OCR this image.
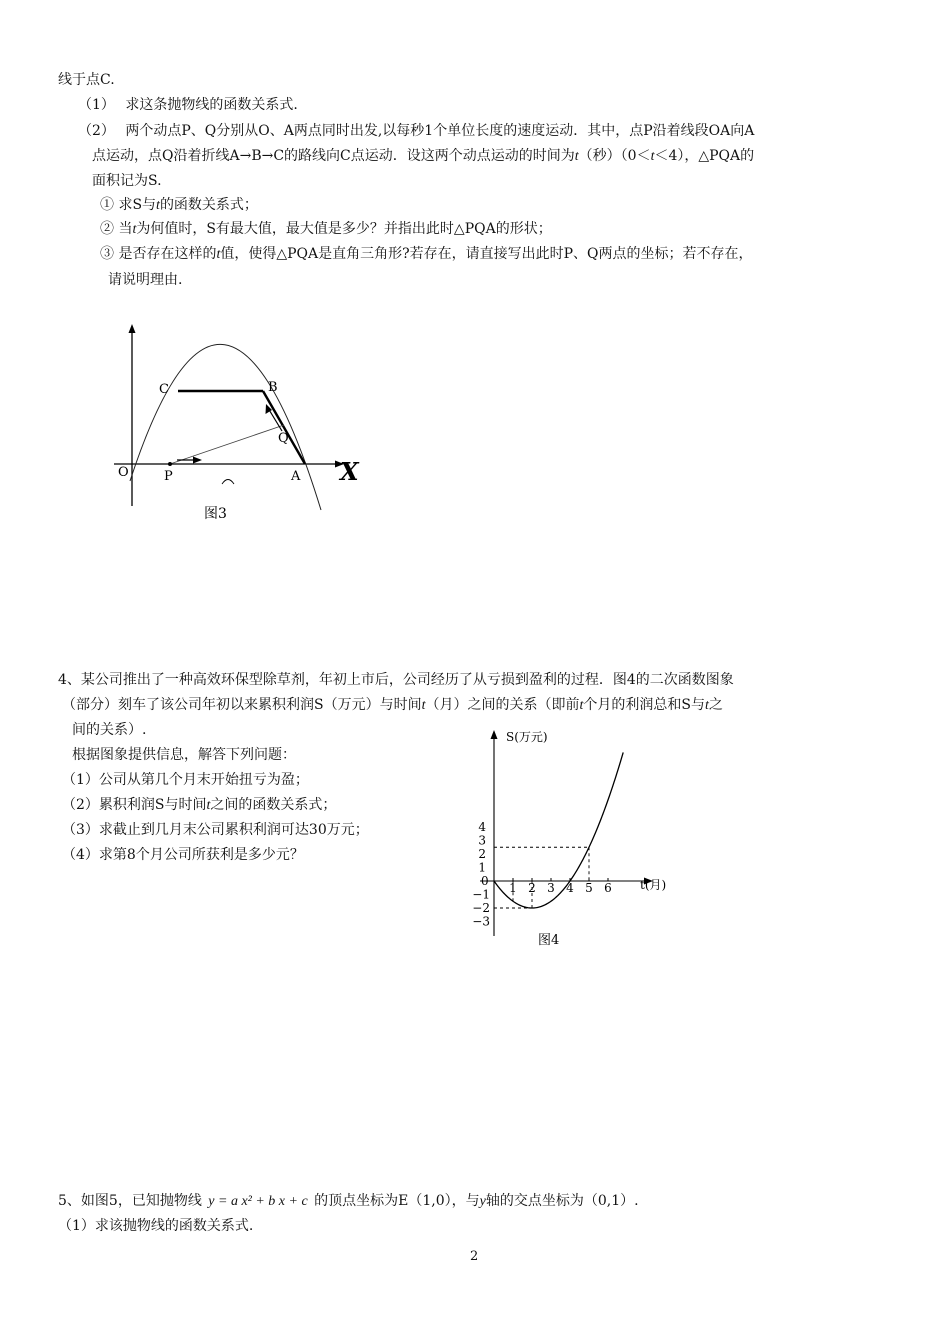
线于点C.
（1） 求这条抛物线的函数关系式.
（2） 两个动点P、Q分别从O、A两点同时出发,以每秒1个单位长度的速度运动．其中，点P沿着线段OA向A
点运动，点Q沿着折线A→B→C的路线向C点运动．设这两个动点运动的时间为t（秒）（0＜t＜4），△PQA的
面积记为S.
① 求S与t的函数关系式；
② 当t为何值时，S有最大值，最大值是多少？并指出此时△PQA的形状；
③ 是否存在这样的t值，使得△PQA是直角三角形?若存在，请直接写出此时P、Q两点的坐标；若不存在，
请说明理由.
C	B
Q
O	P	A X
图3
4、某公司推出了一种高效环保型除草剂，年初上市后，公司经历了从亏损到盈利的过程．图4的二次函数图象
（部分）刻车了该公司年初以来累积利润S（万元）与时间t（月）之间的关系（即前t个月的利润总和S与t之
间的关系）.
根据图象提供信息，解答下列问题：
（1）公司从第几个月末开始扭亏为盈；
（2）累积利润S与时间t之间的函数关系式；
（3）求截止到几月末公司累积利润可达30万元；
（4）求第8个月公司所获利是多少元？
S(万元)
t(月)
0
图4
1 2 3 4 5 6
4
3
2
1
−1
−2
−3
5、如图5，已知抛物线 y = a x² + b x + c 的顶点坐标为E（1,0），与y轴的交点坐标为（0,1）.
（1）求该抛物线的函数关系式.
2
